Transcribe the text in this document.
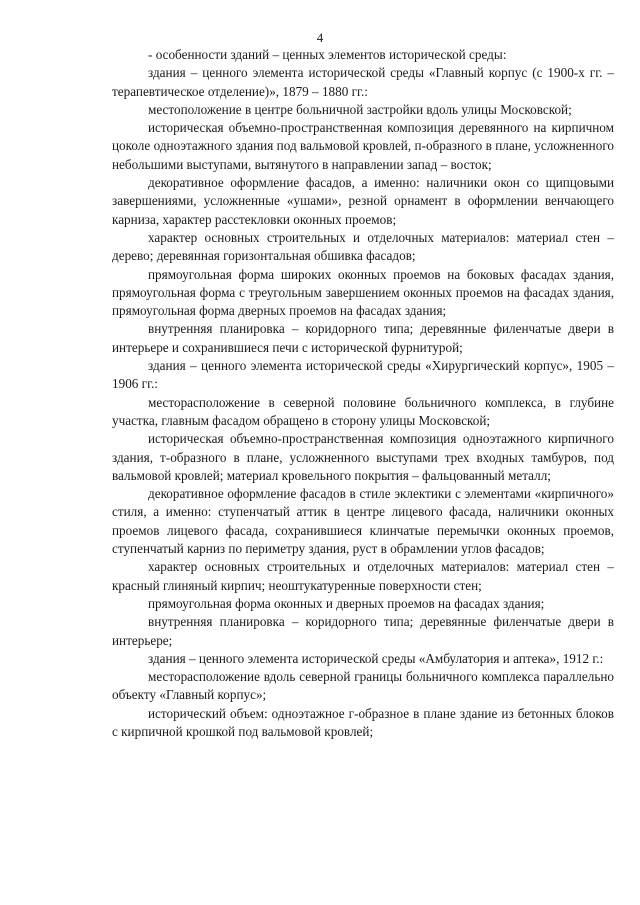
4

- особенности зданий – ценных элементов исторической среды:

здания – ценного элемента исторической среды «Главный корпус (с 1900-х гг. – терапевтическое отделение)», 1879 – 1880 гг.:

местоположение в центре больничной застройки вдоль улицы Московской;

историческая объемно-пространственная композиция деревянного на кирпичном цоколе одноэтажного здания под вальмовой кровлей, п-образного в плане, усложненного небольшими выступами, вытянутого в направлении запад – восток;

декоративное оформление фасадов, а именно: наличники окон со щипцовыми завершениями, усложненные «ушами», резной орнамент в оформлении венчающего карниза, характер расстекловки оконных проемов;

характер основных строительных и отделочных материалов: материал стен – дерево; деревянная горизонтальная обшивка фасадов;

прямоугольная форма широких оконных проемов на боковых фасадах здания, прямоугольная форма с треугольным завершением оконных проемов на фасадах здания, прямоугольная форма дверных проемов на фасадах здания;

внутренняя планировка – коридорного типа; деревянные филенчатые двери в интерьере и сохранившиеся печи с исторической фурнитурой;

здания – ценного элемента исторической среды «Хирургический корпус», 1905 – 1906 гг.:

месторасположение в северной половине больничного комплекса, в глубине участка, главным фасадом обращено в сторону улицы Московской;

историческая объемно-пространственная композиция одноэтажного кирпичного здания, т-образного в плане, усложненного выступами трех входных тамбуров, под вальмовой кровлей; материал кровельного покрытия – фальцованный металл;

декоративное оформление фасадов в стиле эклектики с элементами «кирпичного» стиля, а именно: ступенчатый аттик в центре лицевого фасада, наличники оконных проемов лицевого фасада, сохранившиеся клинчатые перемычки оконных проемов, ступенчатый карниз по периметру здания, руст в обрамлении углов фасадов;

характер основных строительных и отделочных материалов: материал стен – красный глиняный кирпич; неоштукатуренные поверхности стен;

прямоугольная форма оконных и дверных проемов на фасадах здания;

внутренняя планировка – коридорного типа; деревянные филенчатые двери в интерьере;

здания – ценного элемента исторической среды «Амбулатория и аптека», 1912 г.:

месторасположение вдоль северной границы больничного комплекса параллельно объекту «Главный корпус»;

исторический объем: одноэтажное г-образное в плане здание из бетонных блоков с кирпичной крошкой под вальмовой кровлей;
